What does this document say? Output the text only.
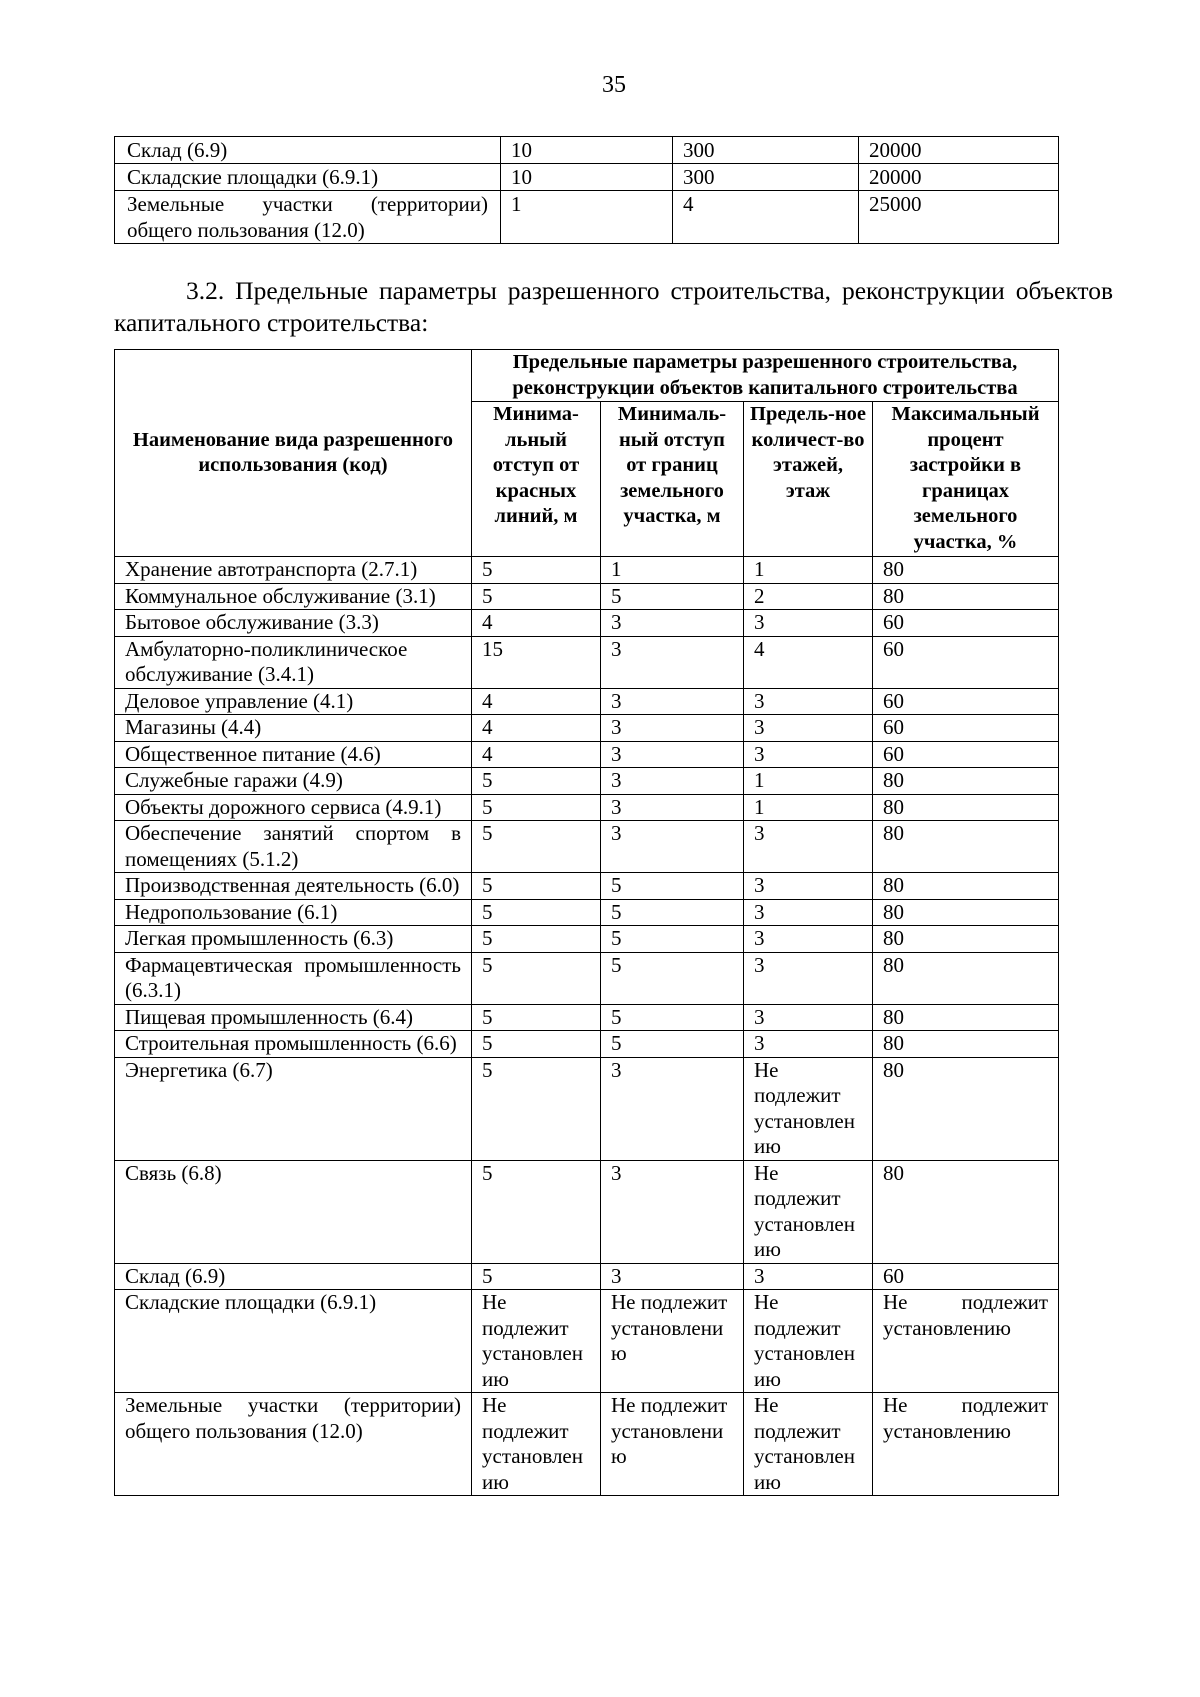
35
Склад (6.9)	10	300	20000
Складские площадки (6.9.1)	10	300	20000
Земельные участки (территории) общего пользования (12.0)	1	4	25000
3.2. Предельные параметры разрешенного строительства, реконструкции объектов капитального строительства:
Наименование вида разрешенного использования (код)	Предельные параметры разрешенного строительства, реконструкции объектов капитального строительства			
	Минима-льный отступ от красных линий, м	Минималь-ный отступ от границ земельного участка, м	Предель-ное количест-во этажей, этаж	Максимальный процент застройки в границах земельного участка, %
Хранение автотранспорта (2.7.1)	5	1	1	80
Коммунальное обслуживание (3.1)	5	5	2	80
Бытовое обслуживание (3.3)	4	3	3	60
Амбулаторно-поликлиническое обслуживание (3.4.1)	15	3	4	60
Деловое управление (4.1)	4	3	3	60
Магазины (4.4)	4	3	3	60
Общественное питание (4.6)	4	3	3	60
Служебные гаражи (4.9)	5	3	1	80
Объекты дорожного сервиса (4.9.1)	5	3	1	80
Обеспечение занятий спортом в помещениях (5.1.2)	5	3	3	80
Производственная деятельность (6.0)	5	5	3	80
Недропользование (6.1)	5	5	3	80
Легкая промышленность (6.3)	5	5	3	80
Фармацевтическая промышленность (6.3.1)	5	5	3	80
Пищевая промышленность (6.4)	5	5	3	80
Строительная промышленность (6.6)	5	5	3	80
Энергетика (6.7)	5	3	Не подлежит установлен ию	80
Связь (6.8)	5	3	Не подлежит установлен ию	80
Склад (6.9)	5	3	3	60
Складские площадки (6.9.1)	Не подлежит установлен ию	Не подлежит установлени ю	Не подлежит установлен ию	Не подлежит установлению
Земельные участки (территории) общего пользования (12.0)	Не подлежит установлен ию	Не подлежит установлени ю	Не подлежит установлен ию	Не подлежит установлению
